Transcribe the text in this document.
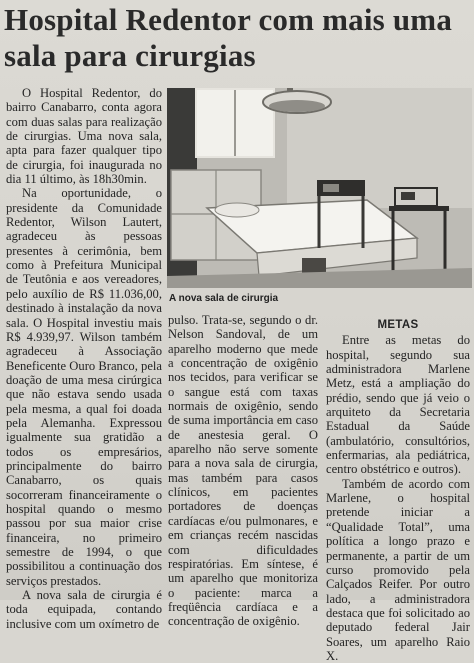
Hospital Redentor com mais uma sala para cirurgias

O Hospital Redentor, do bairro Canabarro, conta agora com duas salas para realização de cirurgias. Uma nova sala, apta para fazer qualquer tipo de cirurgia, foi inaugurada no dia 11 último, às 18h30min.

Na oportunidade, o presidente da Comunidade Redentor, Wilson Lautert, agradeceu às pessoas presentes à cerimônia, bem como à Prefeitura Municipal de Teutônia e aos vereadores, pelo auxílio de R$ 11.036,00, destinado à instalação da nova sala. O Hospital investiu mais R$ 4.939,97. Wilson também agradeceu à Associação Beneficente Ouro Branco, pela doação de uma mesa cirúrgica que não estava sendo usada pela mesma, a qual foi doada pela Alemanha. Expressou igualmente sua gratidão a todos os empresários, principalmente do bairro Canabarro, os quais socorreram financeiramente o hospital quando o mesmo passou por sua maior crise financeira, no primeiro semestre de 1994, o que possibilitou a continuação dos serviços prestados.

A nova sala de cirurgia é toda equipada, contando inclusive com um oxímetro de

A nova sala de cirurgia

pulso. Trata-se, segundo o dr. Nelson Sandoval, de um aparelho moderno que mede a concentração de oxigênio nos tecidos, para verificar se o sangue está com taxas normais de oxigênio, sendo de suma importância em caso de anestesia geral. O aparelho não serve somente para a nova sala de cirurgia, mas também para casos clínicos, em pacientes portadores de doenças cardíacas e/ou pulmonares, e em crianças recém nascidas com dificuldades respiratórias. Em síntese, é um aparelho que monitoriza o paciente: marca a freqüência cardíaca e a concentração de oxigênio.

METAS

Entre as metas do hospital, segundo sua administradora Marlene Metz, está a ampliação do prédio, sendo que já veio o arquiteto da Secretaria Estadual da Saúde (ambulatório, consultórios, enfermarias, ala pediátrica, centro obstétrico e outros).

Também de acordo com Marlene, o hospital pretende iniciar a “Qualidade Total”, uma política a longo prazo e permanente, a partir de um curso promovido pela Calçados Reifer. Por outro lado, a administradora destaca que foi solicitado ao deputado federal Jair Soares, um aparelho Raio X.
